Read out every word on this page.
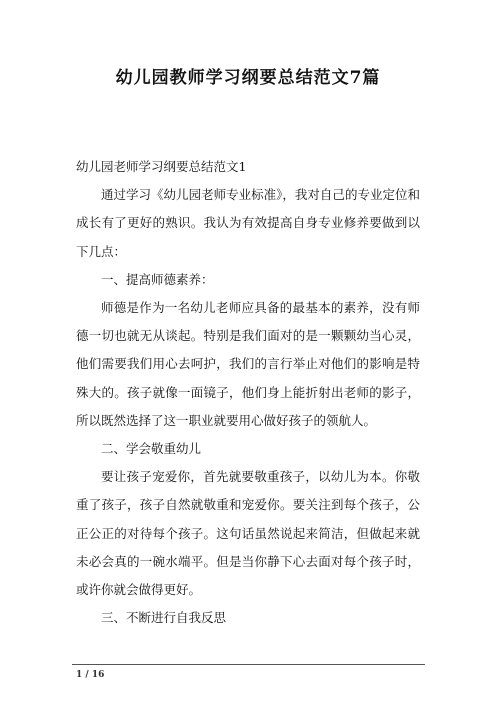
幼儿园教师学习纲要总结范文7篇

幼儿园老师学习纲要总结范文1

通过学习《幼儿园老师专业标准》，我对自己的专业定位和成长有了更好的熟识。我认为有效提高自身专业修养要做到以下几点：

一、提高师德素养：

师德是作为一名幼儿老师应具备的最基本的素养，没有师德一切也就无从谈起。特别是我们面对的是一颗颗幼当心灵，他们需要我们用心去呵护，我们的言行举止对他们的影响是特殊大的。孩子就像一面镜子，他们身上能折射出老师的影子，所以既然选择了这一职业就要用心做好孩子的领航人。

二、学会敬重幼儿

要让孩子宠爱你，首先就要敬重孩子，以幼儿为本。你敬重了孩子，孩子自然就敬重和宠爱你。要关注到每个孩子，公正公正的对待每个孩子。这句话虽然说起来简洁，但做起来就未必会真的一碗水端平。但是当你静下心去面对每个孩子时，或许你就会做得更好。

三、不断进行自我反思

1 / 16
